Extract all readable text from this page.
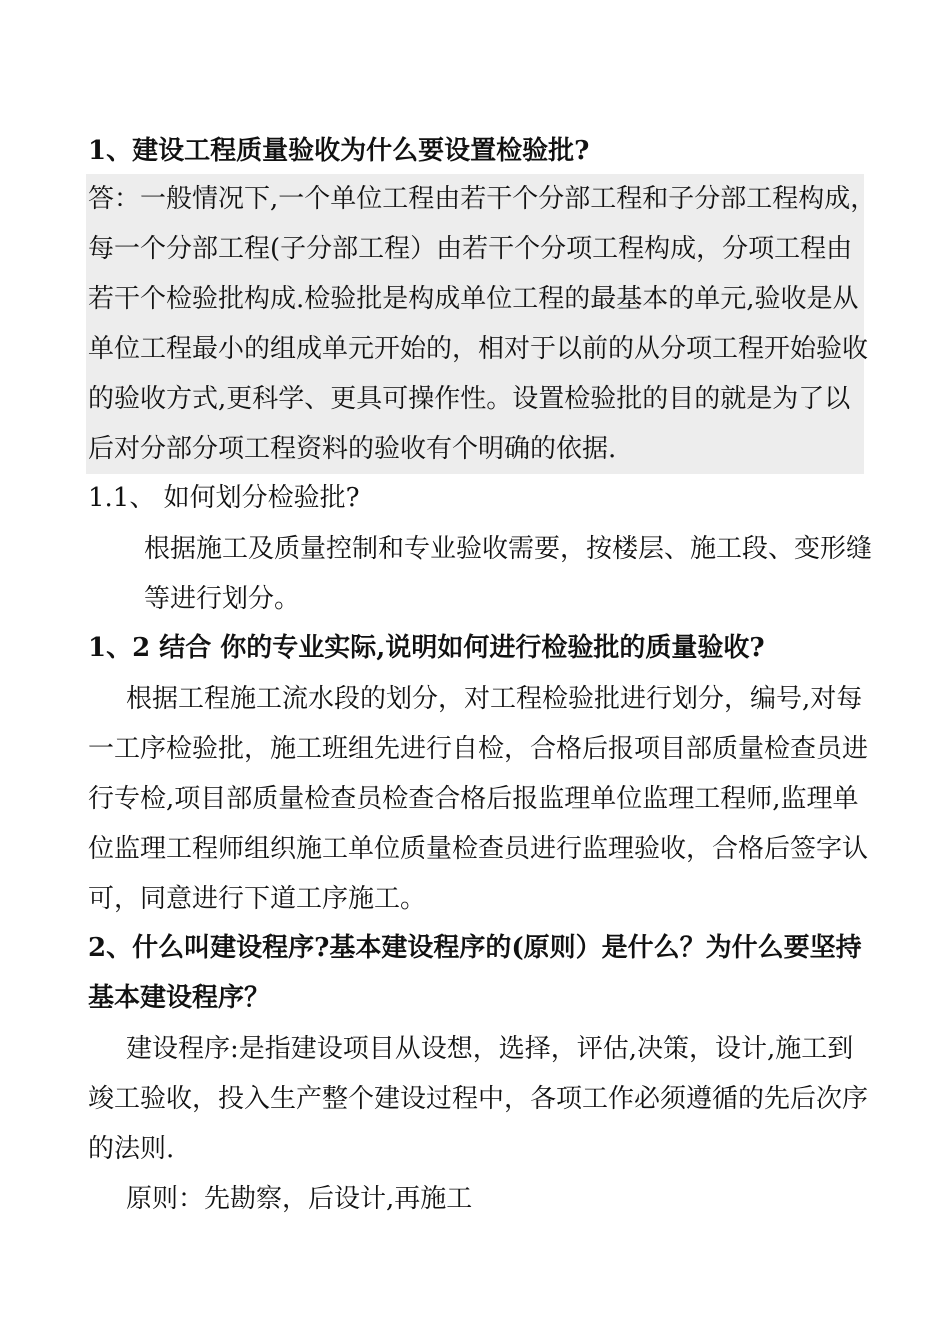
1、建设工程质量验收为什么要设置检验批?
答：一般情况下,一个单位工程由若干个分部工程和子分部工程构成，
每一个分部工程(子分部工程）由若干个分项工程构成，分项工程由
若干个检验批构成.检验批是构成单位工程的最基本的单元,验收是从
单位工程最小的组成单元开始的，相对于以前的从分项工程开始验收
的验收方式,更科学、更具可操作性。设置检验批的目的就是为了以
后对分部分项工程资料的验收有个明确的依据.
1.1、 如何划分检验批?
根据施工及质量控制和专业验收需要，按楼层、施工段、变形缝
等进行划分。
1、2 结合 你的专业实际,说明如何进行检验批的质量验收?
根据工程施工流水段的划分，对工程检验批进行划分，编号,对每
一工序检验批，施工班组先进行自检，合格后报项目部质量检查员进
行专检,项目部质量检查员检查合格后报监理单位监理工程师,监理单
位监理工程师组织施工单位质量检查员进行监理验收，合格后签字认
可，同意进行下道工序施工。
2、什么叫建设程序?基本建设程序的(原则）是什么？为什么要坚持
基本建设程序？
建设程序:是指建设项目从设想，选择，评估,决策，设计,施工到
竣工验收，投入生产整个建设过程中，各项工作必须遵循的先后次序
的法则.
原则：先勘察，后设计,再施工
